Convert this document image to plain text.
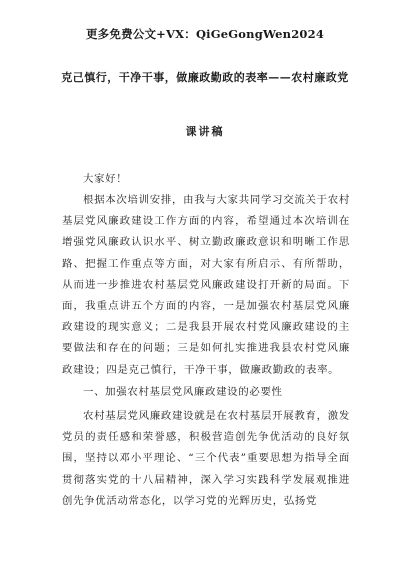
更多免费公文+VX：QiGeGongWen2024
克己慎行，干净干事，做廉政勤政的表率——农村廉政党
课讲稿
大家好！
根据本次培训安排，由我与大家共同学习交流关于农村基层党风廉政建设工作方面的内容，希望通过本次培训在增强党风廉政认识水平、树立勤政廉政意识和明晰工作思路、把握工作重点等方面，对大家有所启示、有所帮助，从而进一步推进农村基层党风廉政建设打开新的局面。下面，我重点讲五个方面的内容，一是加强农村基层党风廉政建设的现实意义；二是我县开展农村党风廉政建设的主要做法和存在的问题；三是如何扎实推进我县农村党风廉政建设；四是克己慎行，干净干事，做廉政勤政的表率。
一、加强农村基层党风廉政建设的必要性
农村基层党风廉政建设就是在农村基层开展教育，激发党员的责任感和荣誉感，积极营造创先争优活动的良好氛围，坚持以邓小平理论、“三个代表”重要思想为指导全面贯彻落实党的十八届精神，深入学习实践科学发展观推进创先争优活动常态化，以学习党的光辉历史，弘扬党
